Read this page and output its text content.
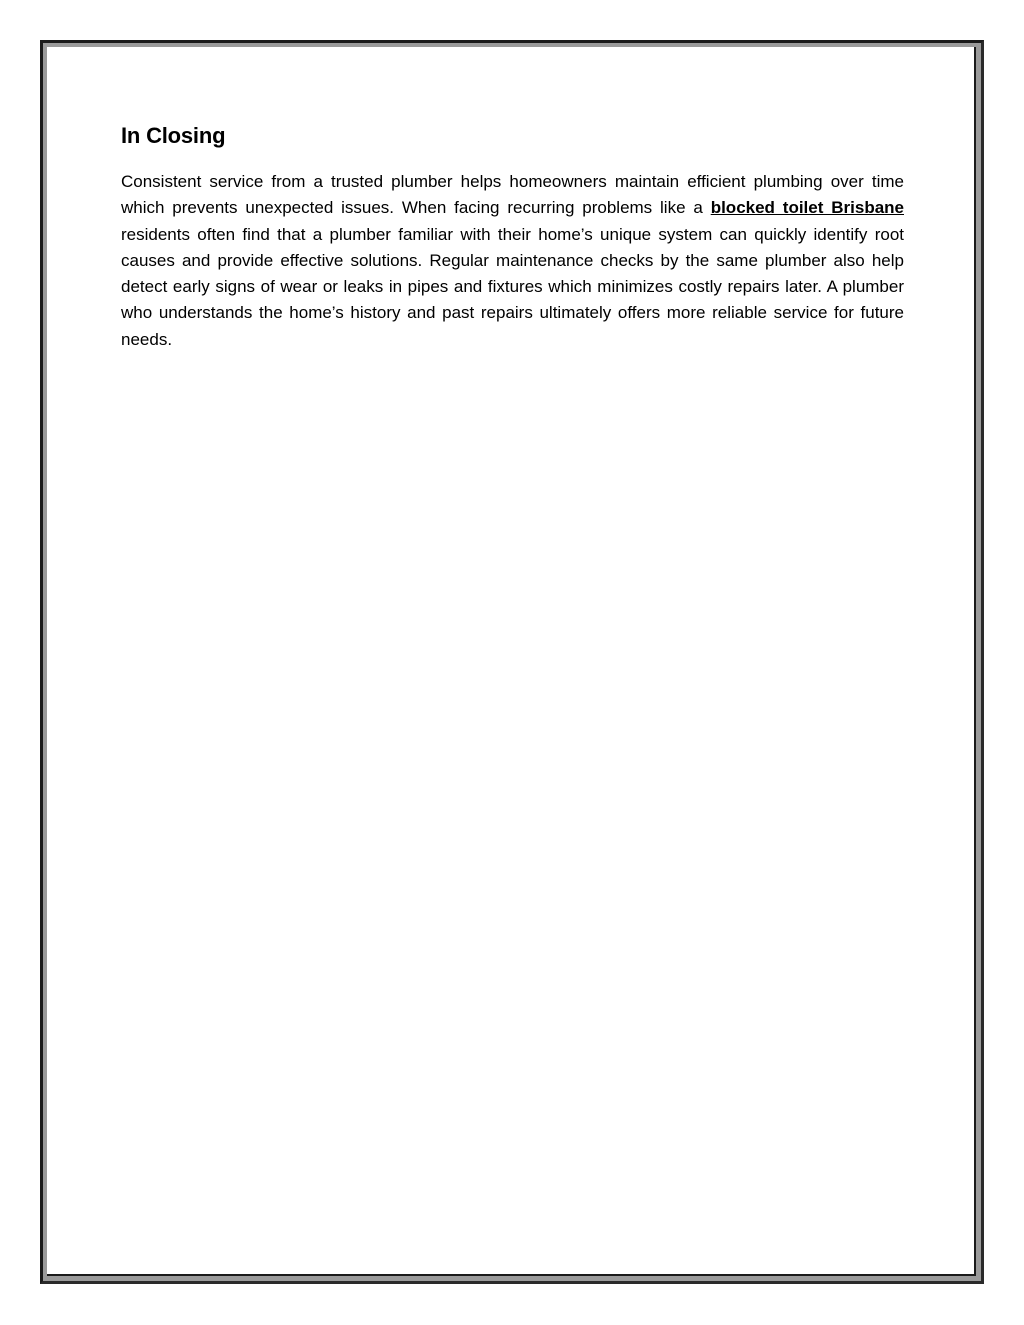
In Closing

Consistent service from a trusted plumber helps homeowners maintain efficient plumbing over time which prevents unexpected issues. When facing recurring problems like a blocked toilet Brisbane residents often find that a plumber familiar with their home’s unique system can quickly identify root causes and provide effective solutions. Regular maintenance checks by the same plumber also help detect early signs of wear or leaks in pipes and fixtures which minimizes costly repairs later. A plumber who understands the home’s history and past repairs ultimately offers more reliable service for future needs.
